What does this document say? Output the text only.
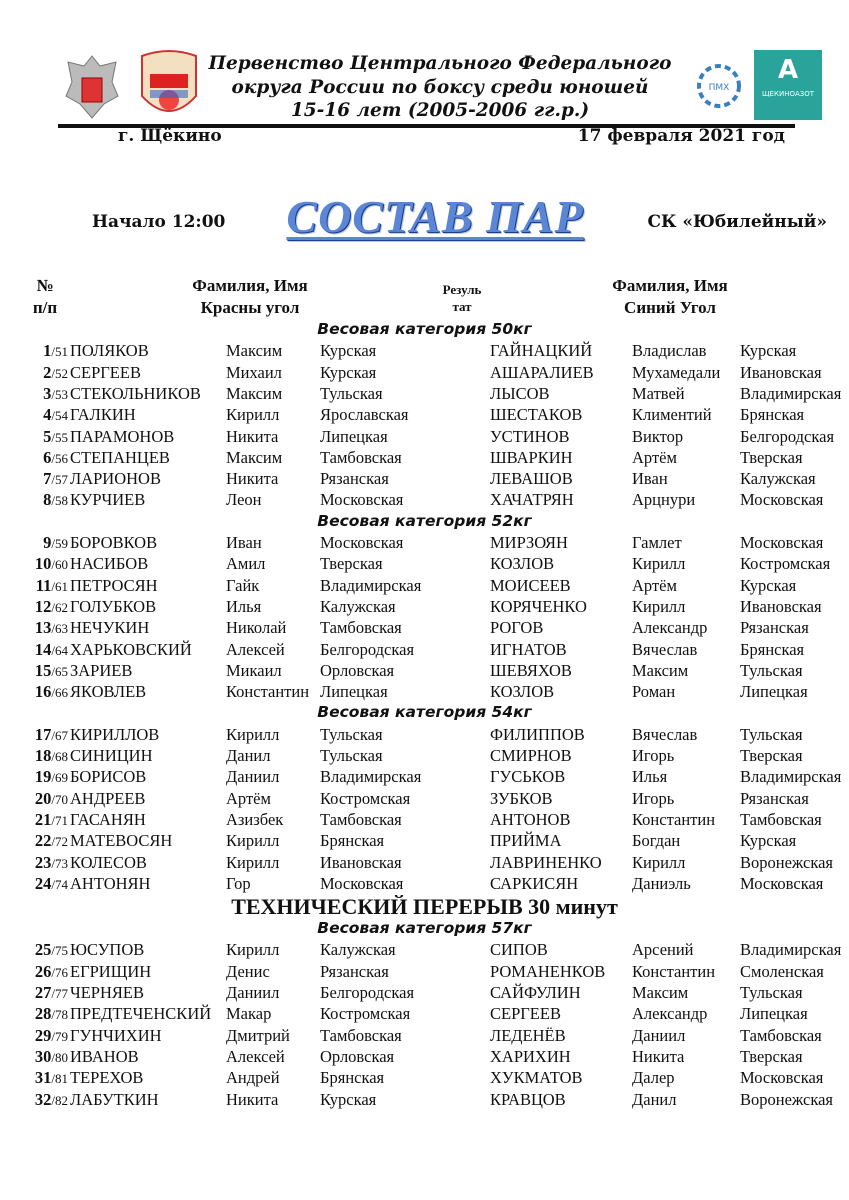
ПМХ
A
ЩЕКИНОАЗОТ
Первенство Центрального Федерального
округа России по боксу среди юношей
15-16 лет (2005-2006 гг.р.)
г. Щёкино	17 февраля 2021 год
Начало 12:00 СОСТАВ ПАР	СК «Юбилейный»
№
п/п
Фамилия, Имя
Красны угол
Резуль
тат
Фамилия, Имя
Синий Угол
Весовая категория 50кг
1/51 ПОЛЯКОВ	Максим Курская	ГАЙНАЦКИЙ Владислав Курская
2/52 СЕРГЕЕВ	Михаил Курская	АШАРАЛИЕВ Мухамедали Ивановская
3/53 СТЕКОЛЬНИКОВ Максим Тульская	ЛЫСОВ	Матвей	Владимирская
4/54 ГАЛКИН	Кирилл Ярославская	ШЕСТАКОВ	Климентий Брянская
5/55 ПАРАМОНОВ	Никита	Липецкая	УСТИНОВ	Виктор	Белгородская
6/56 СТЕПАНЦЕВ	Максим Тамбовская	ШВАРКИН	Артём	Тверская
7/57 ЛАРИОНОВ	Никита	Рязанская	ЛЕВАШОВ	Иван	Калужская
8/58 КУРЧИЕВ	Леон	Московская	ХАЧАТРЯН	Арцнури	Московская
Весовая категория 52кг
9/59 БОРОВКОВ	Иван	Московская	МИРЗОЯН	Гамлет	Московская
10/60 НАСИБОВ	Амил	Тверская	КОЗЛОВ	Кирилл	Костромская
11/61 ПЕТРОСЯН	Гайк	Владимирская	МОИСЕЕВ	Артём	Курская
12/62 ГОЛУБКОВ	Илья	Калужская	КОРЯЧЕНКО	Кирилл	Ивановская
13/63 НЕЧУКИН	Николай Тамбовская	РОГОВ	Александр Рязанская
14/64 ХАРЬКОВСКИЙ Алексей Белгородская	ИГНАТОВ	Вячеслав	Брянская
15/65 ЗАРИЕВ	Микаил Орловская	ШЕВЯХОВ	Максим	Тульская
16/66 ЯКОВЛЕВ	Константин Липецкая	КОЗЛОВ	Роман	Липецкая
Весовая категория 54кг
17/67 КИРИЛЛОВ	Кирилл Тульская	ФИЛИППОВ	Вячеслав	Тульская
18/68 СИНИЦИН	Данил	Тульская	СМИРНОВ	Игорь	Тверская
19/69 БОРИСОВ	Даниил Владимирская	ГУСЬКОВ	Илья	Владимирская
20/70 АНДРЕЕВ	Артём	Костромская	ЗУБКОВ	Игорь	Рязанская
21/71 ГАСАНЯН	Азизбек Тамбовская	АНТОНОВ	Константин Тамбовская
22/72 МАТЕВОСЯН	Кирилл Брянская	ПРИЙМА	Богдан	Курская
23/73 КОЛЕСОВ	Кирилл Ивановская	ЛАВРИНЕНКО Кирилл	Воронежская
24/74 АНТОНЯН	Гор	Московская	САРКИСЯН	Даниэль	Московская
ТЕХНИЧЕСКИЙ ПЕРЕРЫВ 30 минут
Весовая категория 57кг
25/75 ЮСУПОВ	Кирилл Калужская	СИПОВ	Арсений	Владимирская
26/76 ЕГРИЩИН	Денис	Рязанская	РОМАНЕНКОВ Константин Смоленская
27/77 ЧЕРНЯЕВ	Даниил Белгородская	САЙФУЛИН	Максим	Тульская
28/78 ПРЕДТЕЧЕНСКИЙ Макар	Костромская	СЕРГЕЕВ	Александр Липецкая
29/79 ГУНЧИХИН	Дмитрий Тамбовская	ЛЕДЕНЁВ	Даниил	Тамбовская
30/80 ИВАНОВ	Алексей Орловская	ХАРИХИН	Никита	Тверская
31/81 ТЕРЕХОВ	Андрей Брянская	ХУКМАТОВ	Далер	Московская
32/82 ЛАБУТКИН	Никита	Курская	КРАВЦОВ	Данил	Воронежская
